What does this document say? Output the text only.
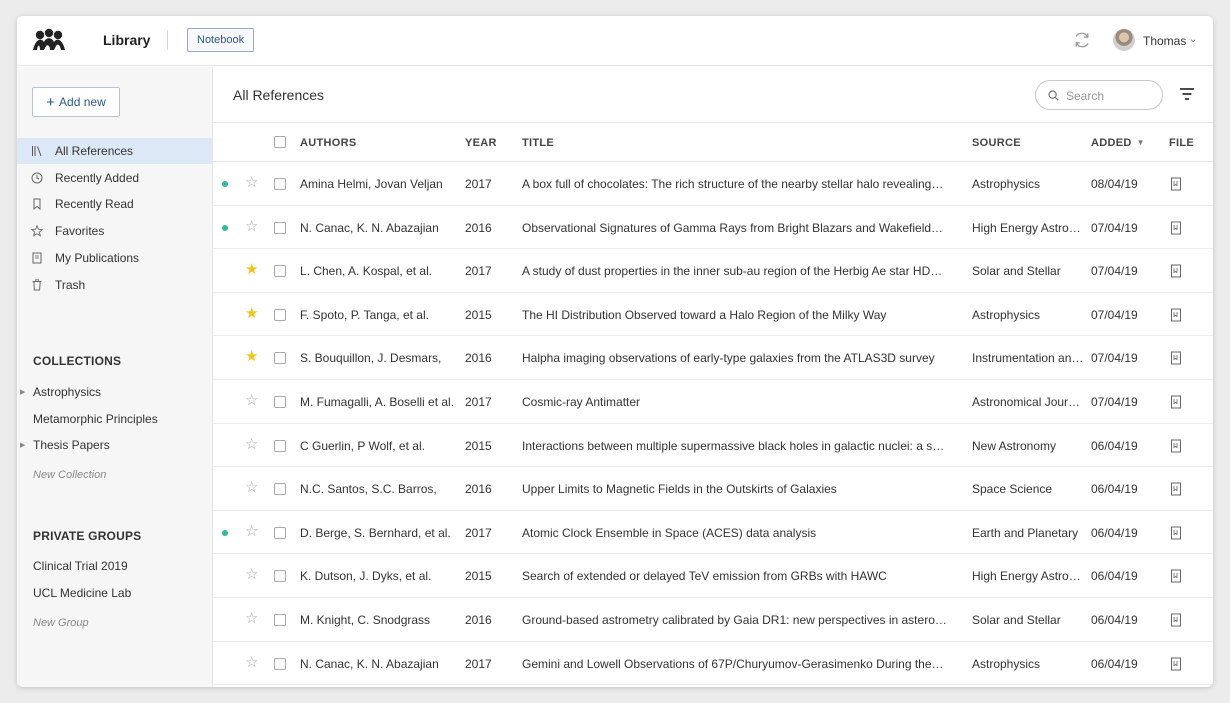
Library	Notebook	Thomas ⌄
+ Add new
All References
Recently Added
Recently Read
Favorites
My Publications
Trash
COLLECTIONS
▶ Astrophysics
Metamorphic Principles
▶ Thesis Papers
New Collection
PRIVATE GROUPS
Clinical Trial 2019
UCL Medicine Lab
New Group
All References
Search
AUTHORS	YEAR TITLE	SOURCE	ADDED ▼ FILE
☆	Amina Helmi, Jovan Veljan	2017	A box full of chocolates: The rich structure of the nearby stellar halo revealing…	Astrophysics	08/04/19
☆	N. Canac, K. N. Abazajian	2016	Observational Signatures of Gamma Rays from Bright Blazars and Wakefield…	High Energy Astro… 07/04/19
★	L. Chen, A. Kospal, et al.	2017	A study of dust properties in the inner sub-au region of the Herbig Ae star HD…	Solar and Stellar	07/04/19
★	F. Spoto, P. Tanga, et al.	2015	The HI Distribution Observed toward a Halo Region of the Milky Way	Astrophysics	07/04/19
★	S. Bouquillon, J. Desmars,	2016	Halpha imaging observations of early-type galaxies from the ATLAS3D survey	Instrumentation an… 07/04/19
☆	M. Fumagalli, A. Boselli et al. 2017	Cosmic-ray Antimatter	Astronomical Jour… 07/04/19
☆	C Guerlin, P Wolf, et al.	2015	Interactions between multiple supermassive black holes in galactic nuclei: a s…	New Astronomy	06/04/19
☆	N.C. Santos, S.C. Barros,	2016	Upper Limits to Magnetic Fields in the Outskirts of Galaxies	Space Science	06/04/19
☆	D. Berge, S. Bernhard, et al.	2017	Atomic Clock Ensemble in Space (ACES) data analysis	Earth and Planetary	06/04/19
☆	K. Dutson, J. Dyks, et al.	2015	Search of extended or delayed TeV emission from GRBs with HAWC	High Energy Astro… 06/04/19
☆	M. Knight, C. Snodgrass	2016	Ground-based astrometry calibrated by Gaia DR1: new perspectives in astero…	Solar and Stellar	06/04/19
☆	N. Canac, K. N. Abazajian	2017	Gemini and Lowell Observations of 67P/Churyumov-Gerasimenko During the…	Astrophysics	06/04/19
